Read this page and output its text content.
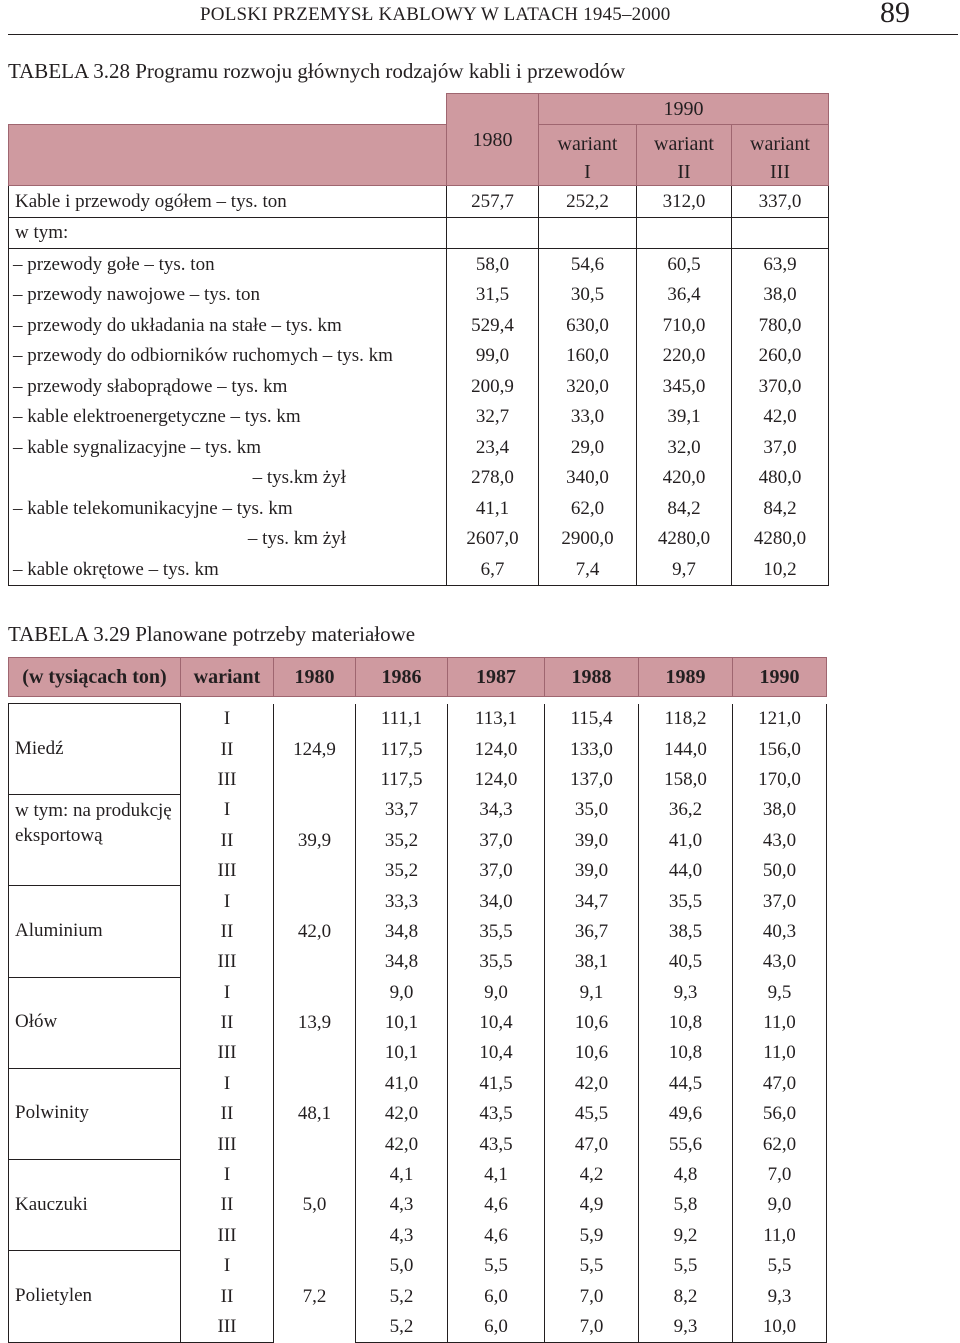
POLSKI PRZEMYSŁ KABLOWY W LATACH 1945–2000	89
TABELA 3.28 Programu rozwoju głównych rodzajów kabli i przewodów
	1980	1990		
		wariant	wariant	wariant
		I	II	III
Kable i przewody ogółem – tys. ton	257,7	252,2	312,0	337,0
w tym:				
– przewody gołe – tys. ton	58,0	54,6	60,5	63,9
– przewody nawojowe – tys. ton	31,5	30,5	36,4	38,0
– przewody do układania na stałe – tys. km	529,4	630,0	710,0	780,0
– przewody do odbiorników ruchomych – tys. km	99,0	160,0	220,0	260,0
– przewody słaboprądowe – tys. km	200,9	320,0	345,0	370,0
– kable elektroenergetyczne – tys. km	32,7	33,0	39,1	42,0
– kable sygnalizacyjne – tys. km	23,4	29,0	32,0	37,0
– tys.km żył	278,0	340,0	420,0	480,0
– kable telekomunikacyjne – tys. km	41,1	62,0	84,2	84,2
– tys. km żył	2607,0	2900,0	4280,0	4280,0
– kable okrętowe – tys. km	6,7	7,4	9,7	10,2
TABELA 3.29 Planowane potrzeby materiałowe
(w tysiącach ton)	wariant	1980	1986	1987	1988	1989	1990

Miedź	I	124,9	111,1	113,1	115,4	118,2	121,0
	II		117,5	124,0	133,0	144,0	156,0
	III		117,5	124,0	137,0	158,0	170,0
w tym: na produkcję eksportową	I	39,9	33,7	34,3	35,0	36,2	38,0
	II		35,2	37,0	39,0	41,0	43,0
	III		35,2	37,0	39,0	44,0	50,0
Aluminium	I	42,0	33,3	34,0	34,7	35,5	37,0
	II		34,8	35,5	36,7	38,5	40,3
	III		34,8	35,5	38,1	40,5	43,0
Ołów	I	13,9	9,0	9,0	9,1	9,3	9,5
	II		10,1	10,4	10,6	10,8	11,0
	III		10,1	10,4	10,6	10,8	11,0
Polwinity	I	48,1	41,0	41,5	42,0	44,5	47,0
	II		42,0	43,5	45,5	49,6	56,0
	III		42,0	43,5	47,0	55,6	62,0
Kauczuki	I	5,0	4,1	4,1	4,2	4,8	7,0
	II		4,3	4,6	4,9	5,8	9,0
	III		4,3	4,6	5,9	9,2	11,0
Polietylen	I	7,2	5,0	5,5	5,5	5,5	5,5
	II		5,2	6,0	7,0	8,2	9,3
	III		5,2	6,0	7,0	9,3	10,0
